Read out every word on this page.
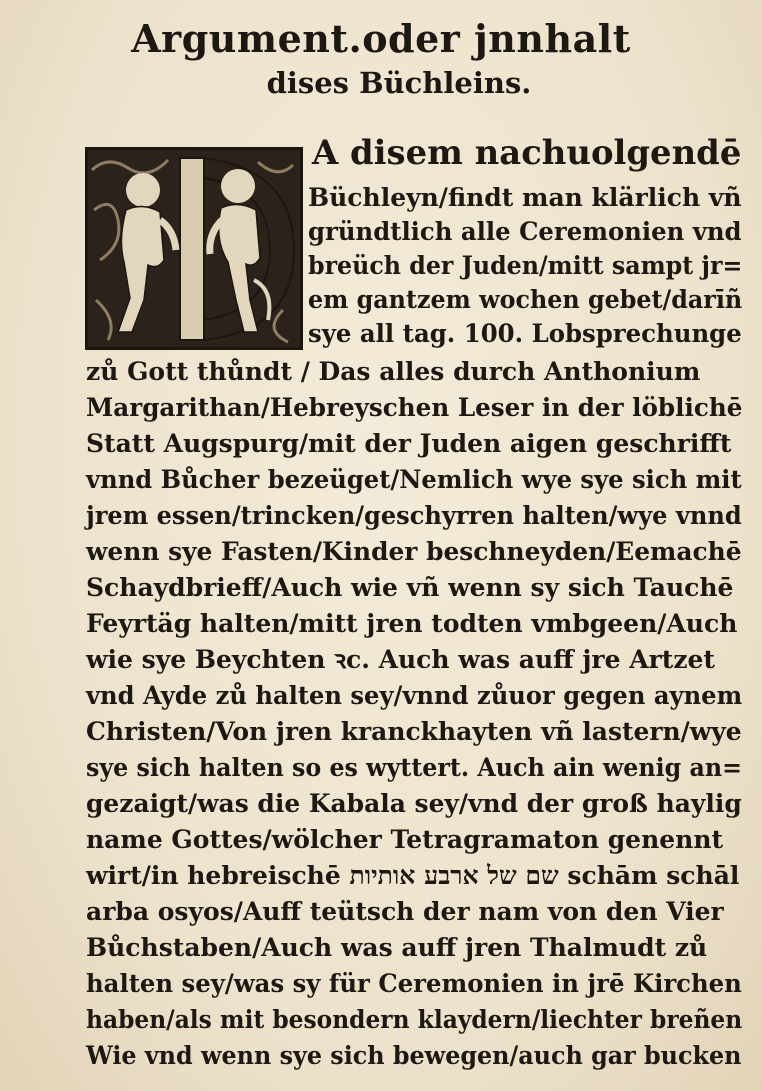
Argument.oder jnnhalt
dises Büchleins.
A disem nachuolgendē
Büchleyn/findt man klärlich vñ
gründtlich alle Ceremonien vnd
breüch der Juden/mitt sampt jr=
em gantzem wochen gebet/darīñ
sye all tag. 100. Lobsprechunge
zů Gott thůndt / Das alles durch Anthonium
Margarithan/Hebreyschen Leser in der löblichē
Statt Augspurg/mit der Juden aigen geschrifft
vnnd Bůcher bezeüget/Nemlich wye sye sich mit
jrem essen/trincken/geschyrren halten/wye vnnd
wenn sye Fasten/Kinder beschneyden/Eemachē
Schaydbrieff/Auch wie vñ wenn sy sich Tauchē
Feyrtäg halten/mitt jren todten vmbgeen/Auch
wie sye Beychten ꝛc. Auch was auff jre Artzet
vnd Ayde zů halten sey/vnnd zůuor gegen aynem
Christen/Von jren kranckhayten vñ lastern/wye
sye sich halten so es wyttert. Auch ain wenig an=
gezaigt/was die Kabala sey/vnd der groß haylig
name Gottes/wölcher Tetragramaton genennt
wirt/in hebreischē שם של ארבע אותיות schām schāl
arba osyos/Auff teütsch der nam von den Vier
Bůchstaben/Auch was auff jren Thalmudt zů
halten sey/was sy für Ceremonien in jrē Kirchen
haben/als mit besondern klaydern/liechter breñen
Wie vnd wenn sye sich bewegen/auch gar bucken
